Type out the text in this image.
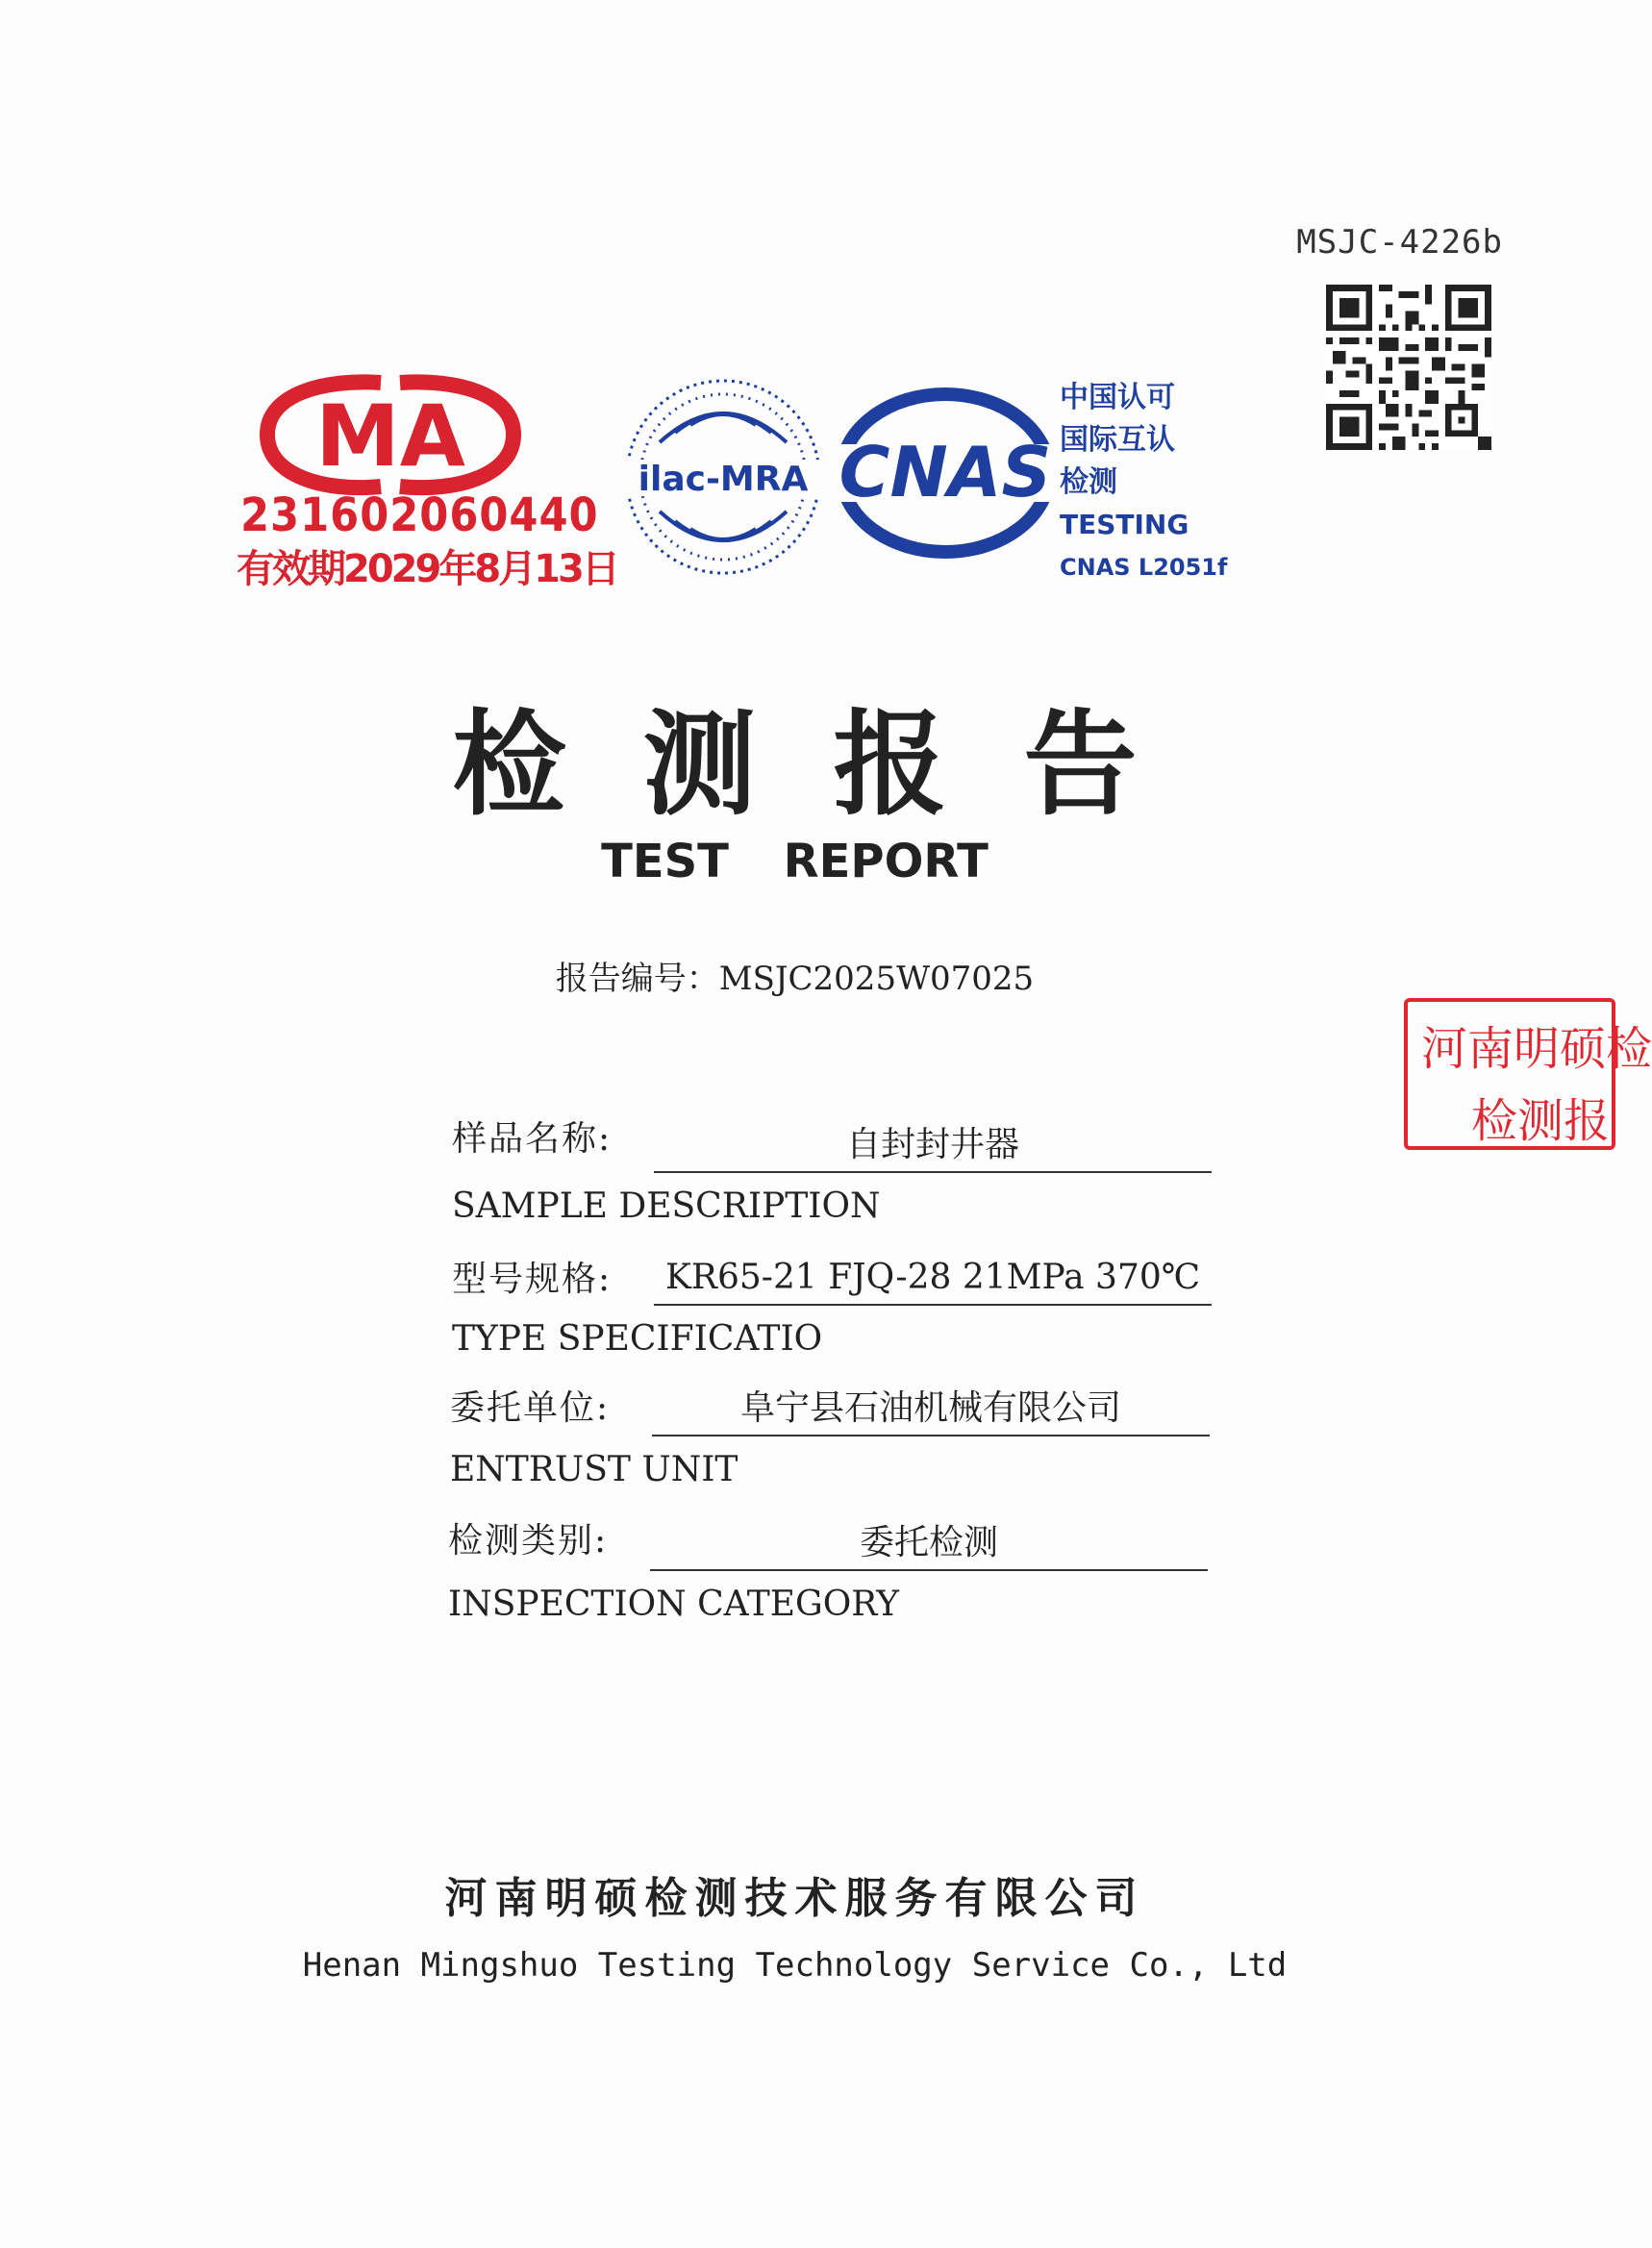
MSJC-4226b
MA
231602060440
有效期2029年8月13日
ilac-MRA CNAS
中国认可
国际互认
检测
TESTING
CNAS L2051f
检测报告
TEST REPORT
报告编号：MSJC2025W07025
样品名称:	自封封井器
SAMPLE DESCRIPTION
型号规格:	KR65-21 FJQ-28 21MPa 370℃
TYPE SPECIFICATIO
委托单位:	阜宁县石油机械有限公司
ENTRUST UNIT
检测类别:	委托检测
INSPECTION CATEGORY
河南明硕检
检测报
河南明硕检测技术服务有限公司
Henan Mingshuo Testing Technology Service Co., Ltd
